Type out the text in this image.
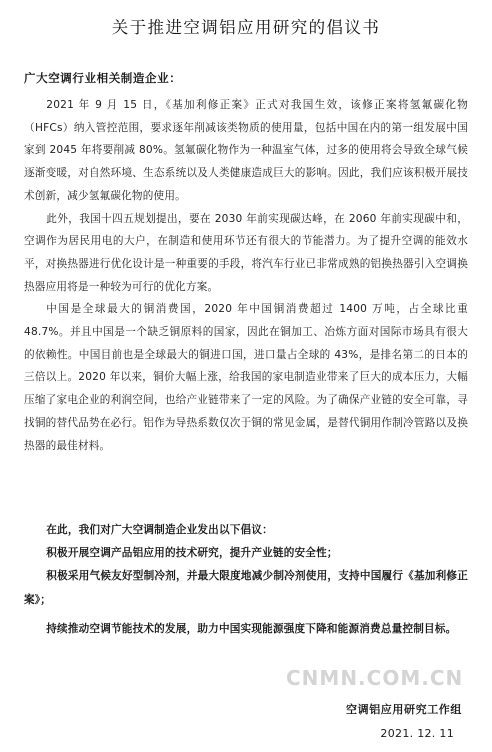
关于推进空调铝应用研究的倡议书
广大空调行业相关制造企业：

2021 年 9 月 15 日，《基加利修正案》正式对我国生效，该修正案将氢氟碳化物（HFCs）纳入管控范围，要求逐年削减该类物质的使用量，包括中国在内的第一组发展中国家到 2045 年将要削减 80%。氢氟碳化物作为一种温室气体，过多的使用将会导致全球气候逐渐变暖，对自然环境、生态系统以及人类健康造成巨大的影响。因此，我们应该积极开展技术创新，减少氢氟碳化物的使用。

此外，我国十四五规划提出，要在 2030 年前实现碳达峰，在 2060 年前实现碳中和，空调作为居民用电的大户，在制造和使用环节还有很大的节能潜力。为了提升空调的能效水平，对换热器进行优化设计是一种重要的手段，将汽车行业已非常成熟的铝换热器引入空调换热器应用将是一种较为可行的优化方案。

中国是全球最大的铜消费国，2020 年中国铜消费超过 1400 万吨，占全球比重 48.7%。并且中国是一个缺乏铜原料的国家，因此在铜加工、冶炼方面对国际市场具有很大的依赖性。中国目前也是全球最大的铜进口国，进口量占全球的 43%，是排名第二的日本的三倍以上。2020 年以来，铜价大幅上涨，给我国的家电制造业带来了巨大的成本压力，大幅压缩了家电企业的利润空间，也给产业链带来了一定的风险。为了确保产业链的安全可靠，寻找铜的替代品势在必行。铝作为导热系数仅次于铜的常见金属，是替代铜用作制冷管路以及换热器的最佳材料。

在此，我们对广大空调制造企业发出以下倡议：

积极开展空调产品铝应用的技术研究，提升产业链的安全性；

积极采用气候友好型制冷剂，并最大限度地减少制冷剂使用，支持中国履行《基加利修正案》；

持续推动空调节能技术的发展，助力中国实现能源强度下降和能源消费总量控制目标。

CNMN.COM.CN
空调铝应用研究工作组
2021. 12. 11
